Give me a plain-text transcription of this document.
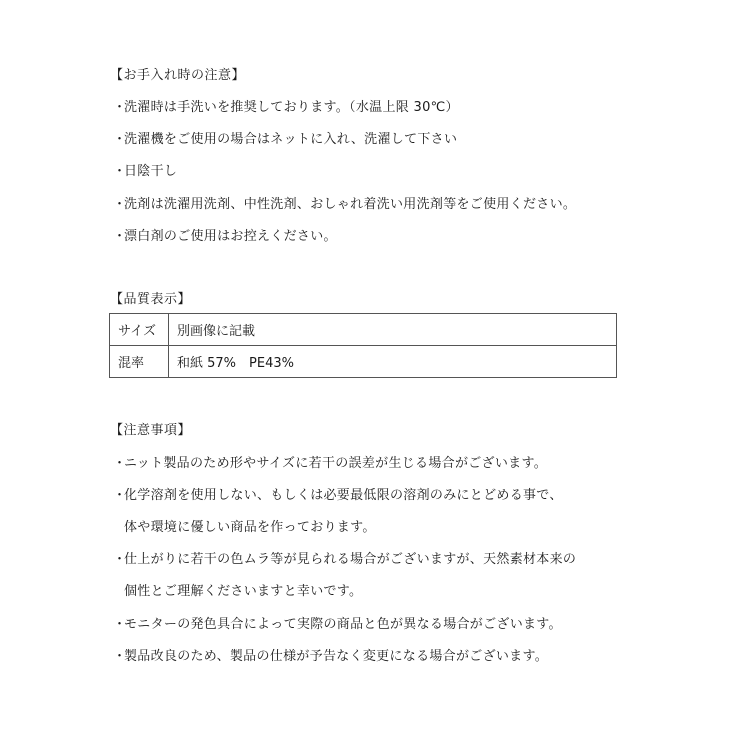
【お手入れ時の注意】
・洗濯時は手洗いを推奨しております。（水温上限 30℃）
・洗濯機をご使用の場合はネットに入れ、洗濯して下さい
・日陰干し
・洗剤は洗濯用洗剤、中性洗剤、おしゃれ着洗い用洗剤等をご使用ください。
・漂白剤のご使用はお控えください。
【品質表示】
サイズ	別画像に記載
混率	和紙 57%　PE43%
【注意事項】
・ニット製品のため形やサイズに若干の誤差が生じる場合がございます。
・化学溶剤を使用しない、もしくは必要最低限の溶剤のみにとどめる事で、
体や環境に優しい商品を作っております。
・仕上がりに若干の色ムラ等が見られる場合がございますが、天然素材本来の
個性とご理解くださいますと幸いです。
・モニターの発色具合によって実際の商品と色が異なる場合がございます。
・製品改良のため、製品の仕様が予告なく変更になる場合がございます。
